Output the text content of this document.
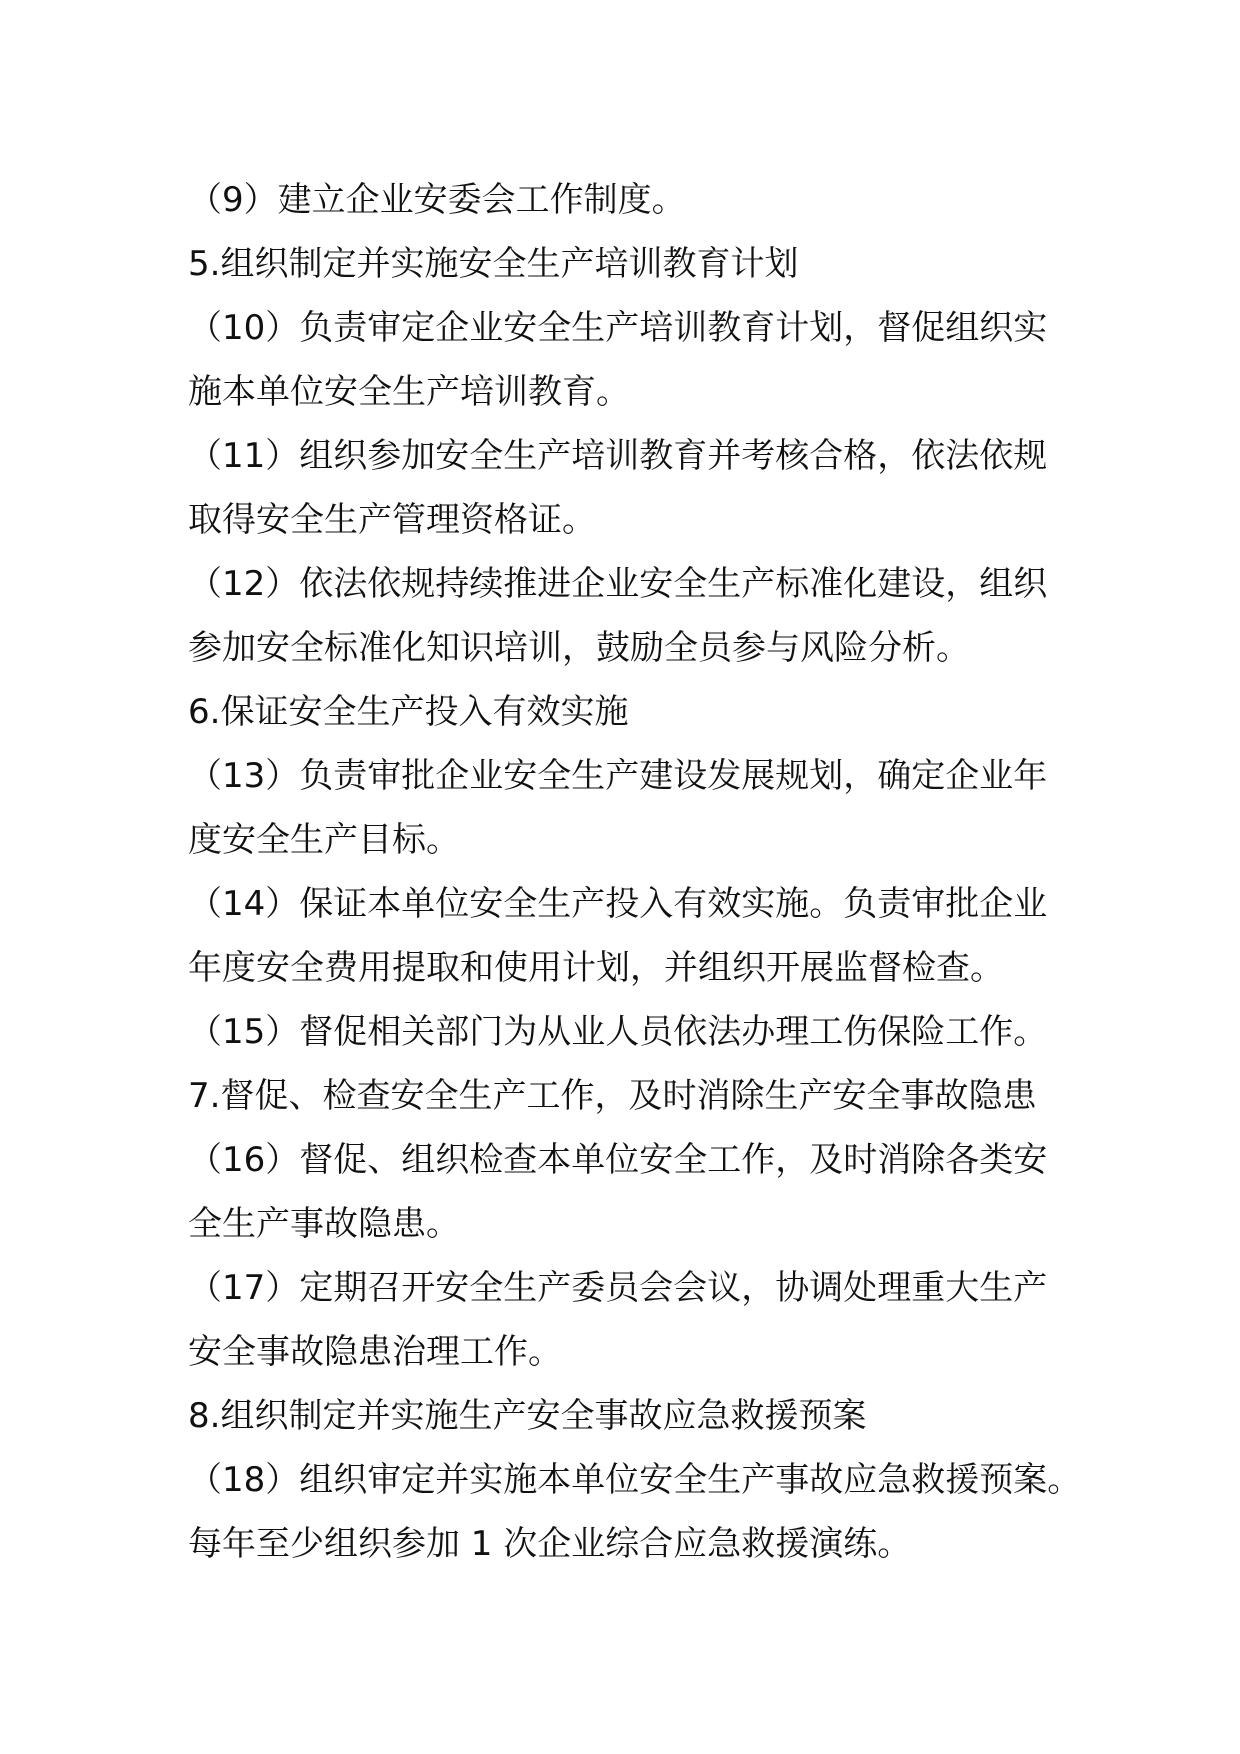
（9）建立企业安委会工作制度。

5.组织制定并实施安全生产培训教育计划

（10）负责审定企业安全生产培训教育计划，督促组织实

施本单位安全生产培训教育。

（11）组织参加安全生产培训教育并考核合格，依法依规

取得安全生产管理资格证。

（12）依法依规持续推进企业安全生产标准化建设，组织

参加安全标准化知识培训，鼓励全员参与风险分析。

6.保证安全生产投入有效实施

（13）负责审批企业安全生产建设发展规划，确定企业年

度安全生产目标。

（14）保证本单位安全生产投入有效实施。负责审批企业

年度安全费用提取和使用计划，并组织开展监督检查。

（15）督促相关部门为从业人员依法办理工伤保险工作。

7.督促、检查安全生产工作，及时消除生产安全事故隐患

（16）督促、组织检查本单位安全工作，及时消除各类安

全生产事故隐患。

（17）定期召开安全生产委员会会议，协调处理重大生产

安全事故隐患治理工作。

8.组织制定并实施生产安全事故应急救援预案

（18）组织审定并实施本单位安全生产事故应急救援预案。

每年至少组织参加 1 次企业综合应急救援演练。
